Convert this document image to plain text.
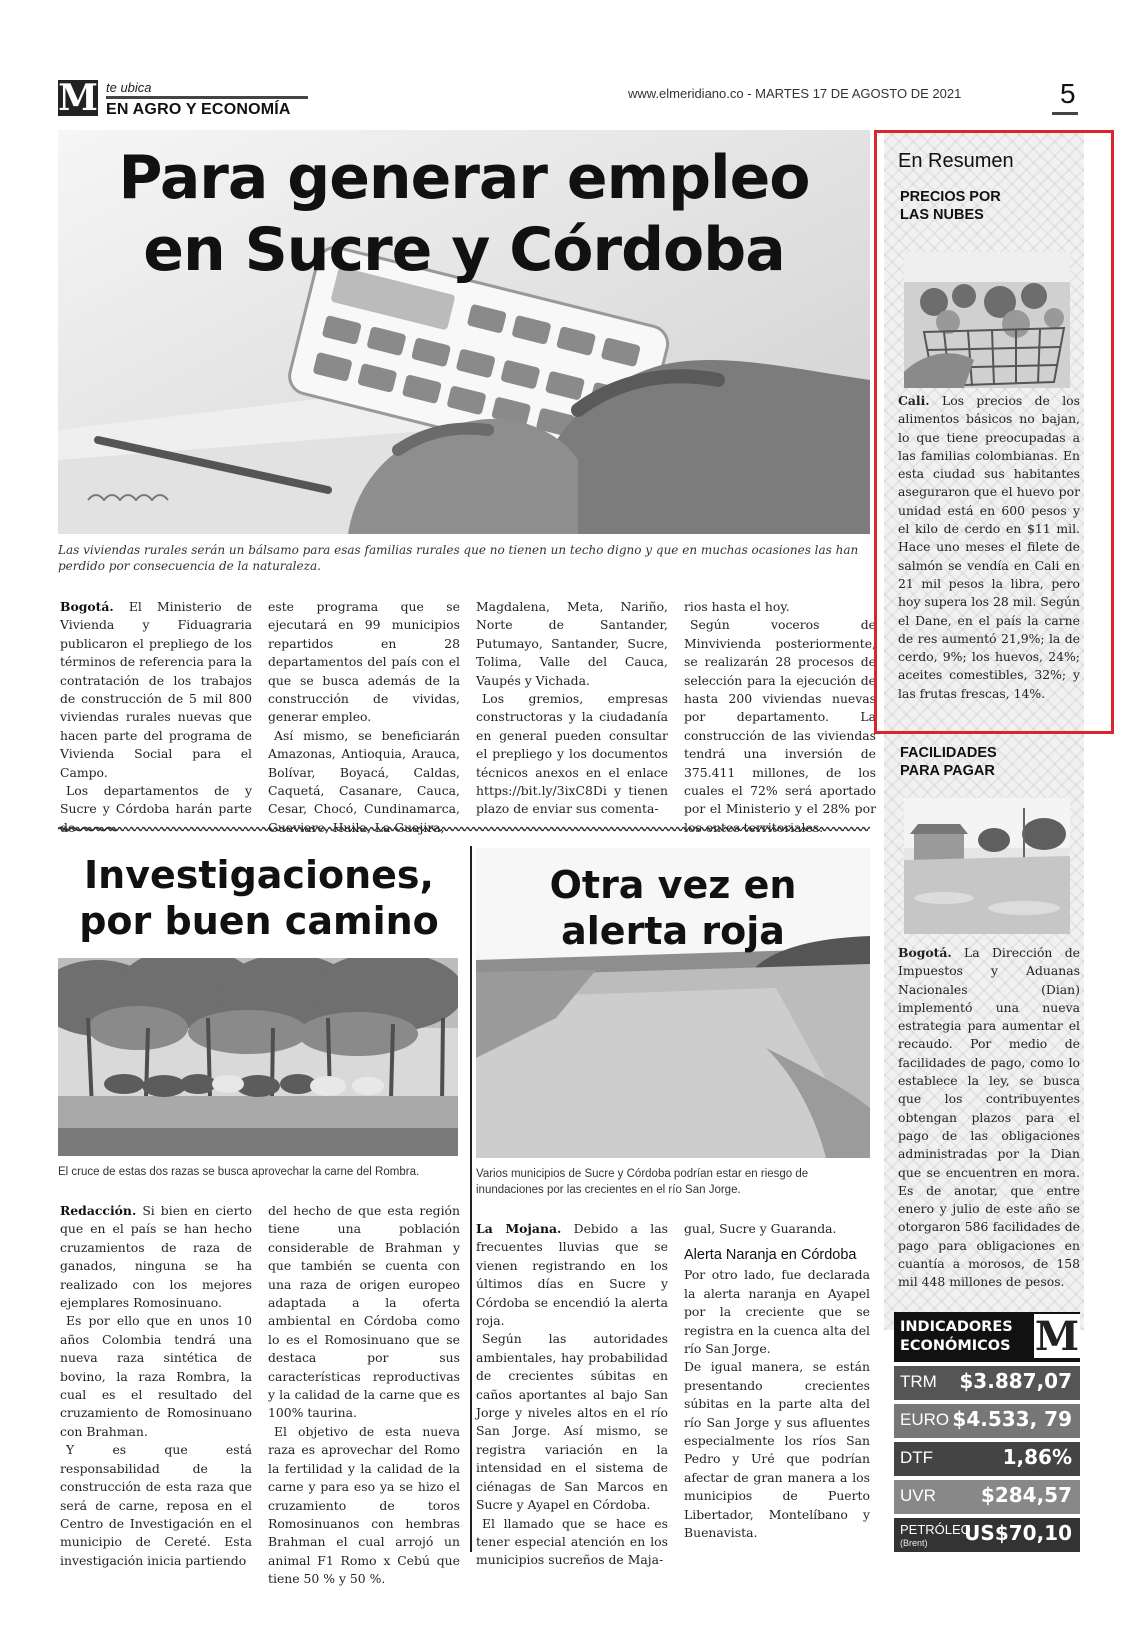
M te ubica
EN AGRO Y ECONOMÍA
www.elmeridiano.co - MARTES 17 DE AGOSTO DE 2021	5
Para generar empleo
en Sucre y Córdoba
Las viviendas rurales serán un bálsamo para esas familias rurales que no tienen un techo digno y que en muchas ocasiones las han perdido por consecuencia de la naturaleza.

Bogotá. El Ministerio de Vivienda y Fiduagraria publicaron el prepliego de los términos de referencia para la contratación de los trabajos de construcción de 5 mil 800 viviendas rurales nuevas que hacen parte del programa de Vivienda Social para el Campo.

Los departamentos de y Sucre y Córdoba harán parte

este programa que se ejecutará en 99 municipios repartidos en 28 departamentos del país con el que se busca además de la construcción de vividas, generar empleo.

Así mismo, se beneficiarán Amazonas, Antioquia, Arauca, Bolívar, Boyacá, Caldas, Caquetá, Casanare, Cauca, Cesar, Chocó, Cundinamarca,

Magdalena, Meta, Nariño, Norte de Santander, Putumayo, Santander, Sucre, Tolima, Valle del Cauca, Vaupés y Vichada.

Los gremios, empresas constructoras y la ciudadanía en general pueden consultar el prepliego y los documentos técnicos anexos en el enlace https://bit.ly/3ixC8Di y tienen plazo de enviar sus comenta-

rios hasta el hoy.

Según voceros de Minvivienda posteriormente, se realizarán 28 procesos de selección para la ejecución de hasta 200 viviendas nuevas por departamento. La construcción de las viviendas tendrá una inversión de 375.411 millones, de los cuales el 72% será aportado por el Ministerio y el 28% por

Investigaciones,
por buen camino
El cruce de estas dos razas se busca aprovechar la carne del Rombra.

Redacción. Si bien en cierto que en el país se han hecho cruzamientos de raza de ganados, ninguna se ha realizado con los mejores ejemplares Romosinuano.

Es por ello que en unos 10 años Colombia tendrá una nueva raza sintética de bovino, la raza Rombra, la cual es el resultado del cruzamiento de Romosinuano con Brahman.

Y es que está responsabilidad de la construcción de esta raza que será de carne, reposa en el Centro de Investigación en el municipio de Cereté. Esta investigación inicia partiendo

del hecho de que esta región tiene una población considerable de Brahman y que también se cuenta con una raza de origen europeo adaptada a la oferta ambiental en Córdoba como lo es el Romosinuano que se destaca por sus características reproductivas y la calidad de la carne que es 100% taurina.

El objetivo de esta nueva raza es aprovechar del Romo la fertilidad y la calidad de la carne y para eso ya se hizo el cruzamiento de toros Romosinuanos con hembras Brahman el cual arrojó un animal F1 Romo x Cebú que tiene 50 % y 50 %.

Otra vez en
alerta roja
Varios municipios de Sucre y Córdoba podrían estar en riesgo de inundaciones por las crecientes en el río San Jorge.

La Mojana. Debido a las frecuentes lluvias que se vienen registrando en los últimos días en Sucre y Córdoba se encendió la alerta roja.

Según las autoridades ambientales, hay probabilidad de crecientes súbitas en caños aportantes al bajo San Jorge y niveles altos en el río San Jorge. Así mismo, se registra variación en la intensidad en el sistema de ciénagas de San Marcos en Sucre y Ayapel en Córdoba.

El llamado que se hace es tener especial atención en los municipios sucreños de Maja-

gual, Sucre y Guaranda.

Alerta Naranja en Córdoba

Por otro lado, fue declarada la alerta naranja en Ayapel por la creciente que se registra en la cuenca alta del río San Jorge.

De igual manera, se están presentando crecientes súbitas en la parte alta del río San Jorge y sus afluentes especialmente los ríos San Pedro y Uré que podrían afectar de gran manera a los municipios de Puerto Libertador, Montelíbano y Buenavista.

En Resumen
PRECIOS POR
LAS NUBES
Cali. Los precios de los alimentos básicos no bajan, lo que tiene preocupadas a las familias colombianas. En esta ciudad sus habitantes aseguraron que el huevo por unidad está en 600 pesos y el kilo de cerdo en $11 mil. Hace uno meses el filete de salmón se vendía en Cali en 21 mil pesos la libra, pero hoy supera los 28 mil. Según el Dane, en el país la carne de res aumentó 21,9%; la de cerdo, 9%; los huevos, 24%; aceites comestibles, 32%; y las frutas frescas, 14%.
FACILIDADES
PARA PAGAR
Bogotá. La Dirección de Impuestos y Aduanas Nacionales (Dian) implementó una nueva estrategia para aumentar el recaudo. Por medio de facilidades de pago, como lo establece la ley, se busca que los contribuyentes obtengan plazos para el pago de las obligaciones administradas por la Dian que se encuentren en mora. Es de anotar, que entre enero y julio de este año se otorgaron 586 facilidades de pago para obligaciones en cuantía a morosos, de 158 mil 448 millones de pesos.
INDICADORES
ECONÓMICOS M
TRM $3.887,07
EURO $4.533, 79
DTF	1,86%
UVR $284,57
PETRÓLEO
(Brent) US$70,10
